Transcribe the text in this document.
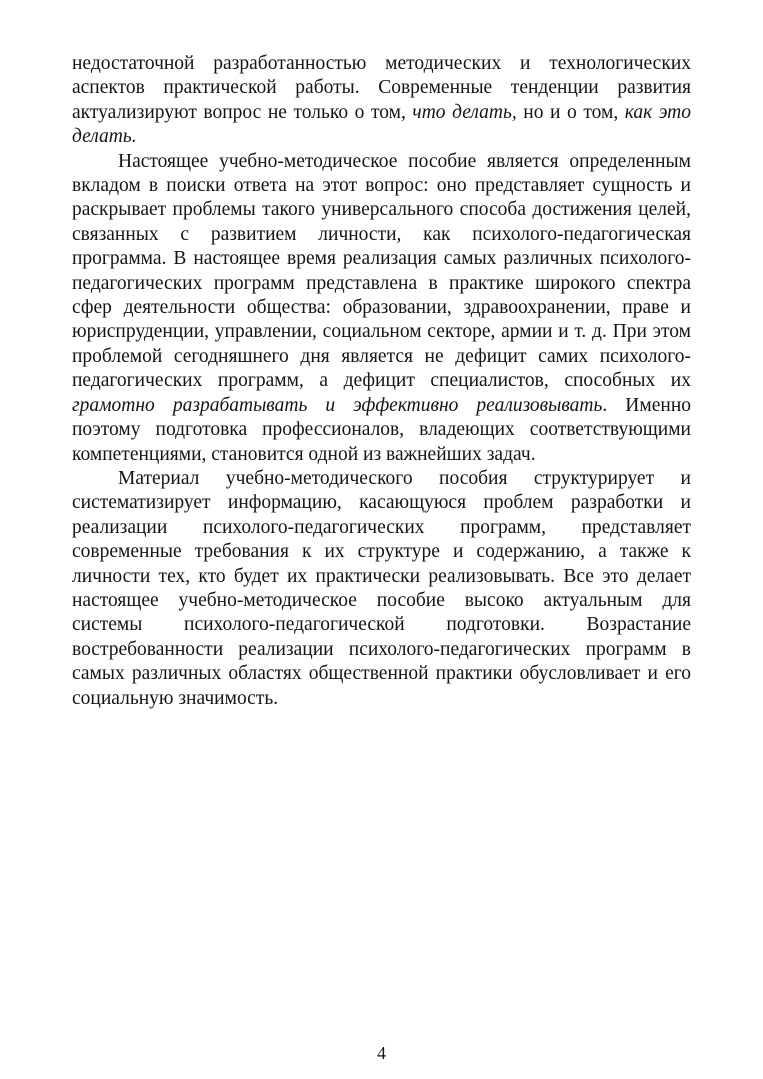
недостаточной разработанностью методических и технологических аспектов практической работы. Современные тенденции развития актуализируют вопрос не только о том, что делать, но и о том, как это делать.

Настоящее учебно-методическое пособие является определенным вкладом в поиски ответа на этот вопрос: оно представляет сущность и раскрывает проблемы такого универсального способа достижения целей, связанных с развитием личности, как психолого-педагогическая программа. В настоящее время реализация самых различных психолого-педагогических программ представлена в практике широкого спектра сфер деятельности общества: образовании, здравоохранении, праве и юриспруденции, управлении, социальном секторе, армии и т. д. При этом проблемой сегодняшнего дня является не дефицит самих психолого-педагогических программ, а дефицит специалистов, способных их грамотно разрабатывать и эффективно реализовывать. Именно поэтому подготовка профессионалов, владеющих соответствующими компетенциями, становится одной из важнейших задач.

Материал учебно-методического пособия структурирует и систематизирует информацию, касающуюся проблем разработки и реализации психолого-педагогических программ, представляет современные требования к их структуре и содержанию, а также к личности тех, кто будет их практически реализовывать. Все это делает настоящее учебно-методическое пособие высоко актуальным для системы психолого-педагогической подготовки. Возрастание востребованности реализации психолого-педагогических программ в самых различных областях общественной практики обусловливает и его социальную значимость.

4
